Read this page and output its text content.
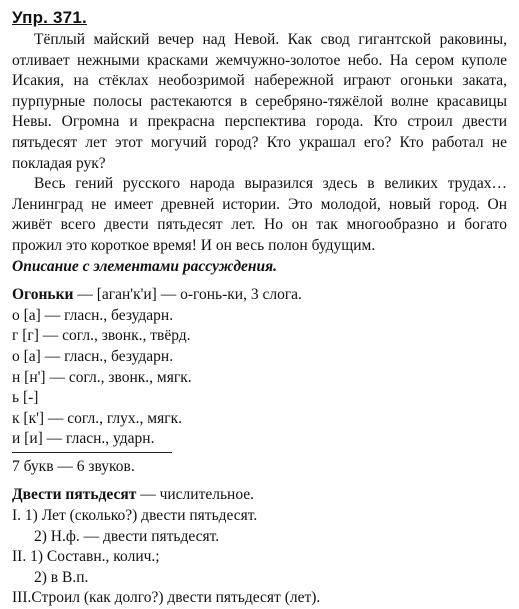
Упр. 371.

Тёплый майский вечер над Невой. Как свод гигантской раковины, отливает нежными красками жемчужно-золотое небо. На сером куполе Исакия, на стёклах необозримой набережной играют огоньки заката, пурпурные полосы растекаются в серебряно-тяжёлой волне красавицы Невы. Огромна и прекрасна перспектива города. Кто строил двести пятьдесят лет этот могучий город? Кто украшал его? Кто работал не покладая рук?

Весь гений русского народа выразился здесь в великих трудах… Ленинград не имеет древней истории. Это молодой, новый город. Он живёт всего двести пятьдесят лет. Но он так многообразно и богато прожил это короткое время! И он весь полон будущим.

Описание с элементами рассуждения.
Огоньки — [аган'к'и] — о-гонь-ки, 3 слога.
о [а] — гласн., безударн.
г [г] — согл., звонк., твёрд.
о [а] — гласн., безударн.
н [н'] — согл., звонк., мягк.
ь [-]
к [к'] — согл., глух., мягк.
и [и] — гласн., ударн.
7 букв — 6 звуков.
Двести пятьдесят — числительное.
I. 1) Лет (сколько?) двести пятьдесят.
2) Н.ф. — двести пятьдесят.
II. 1) Составн., колич.;
2) в В.п.
III.Строил (как долго?) двести пятьдесят (лет).
